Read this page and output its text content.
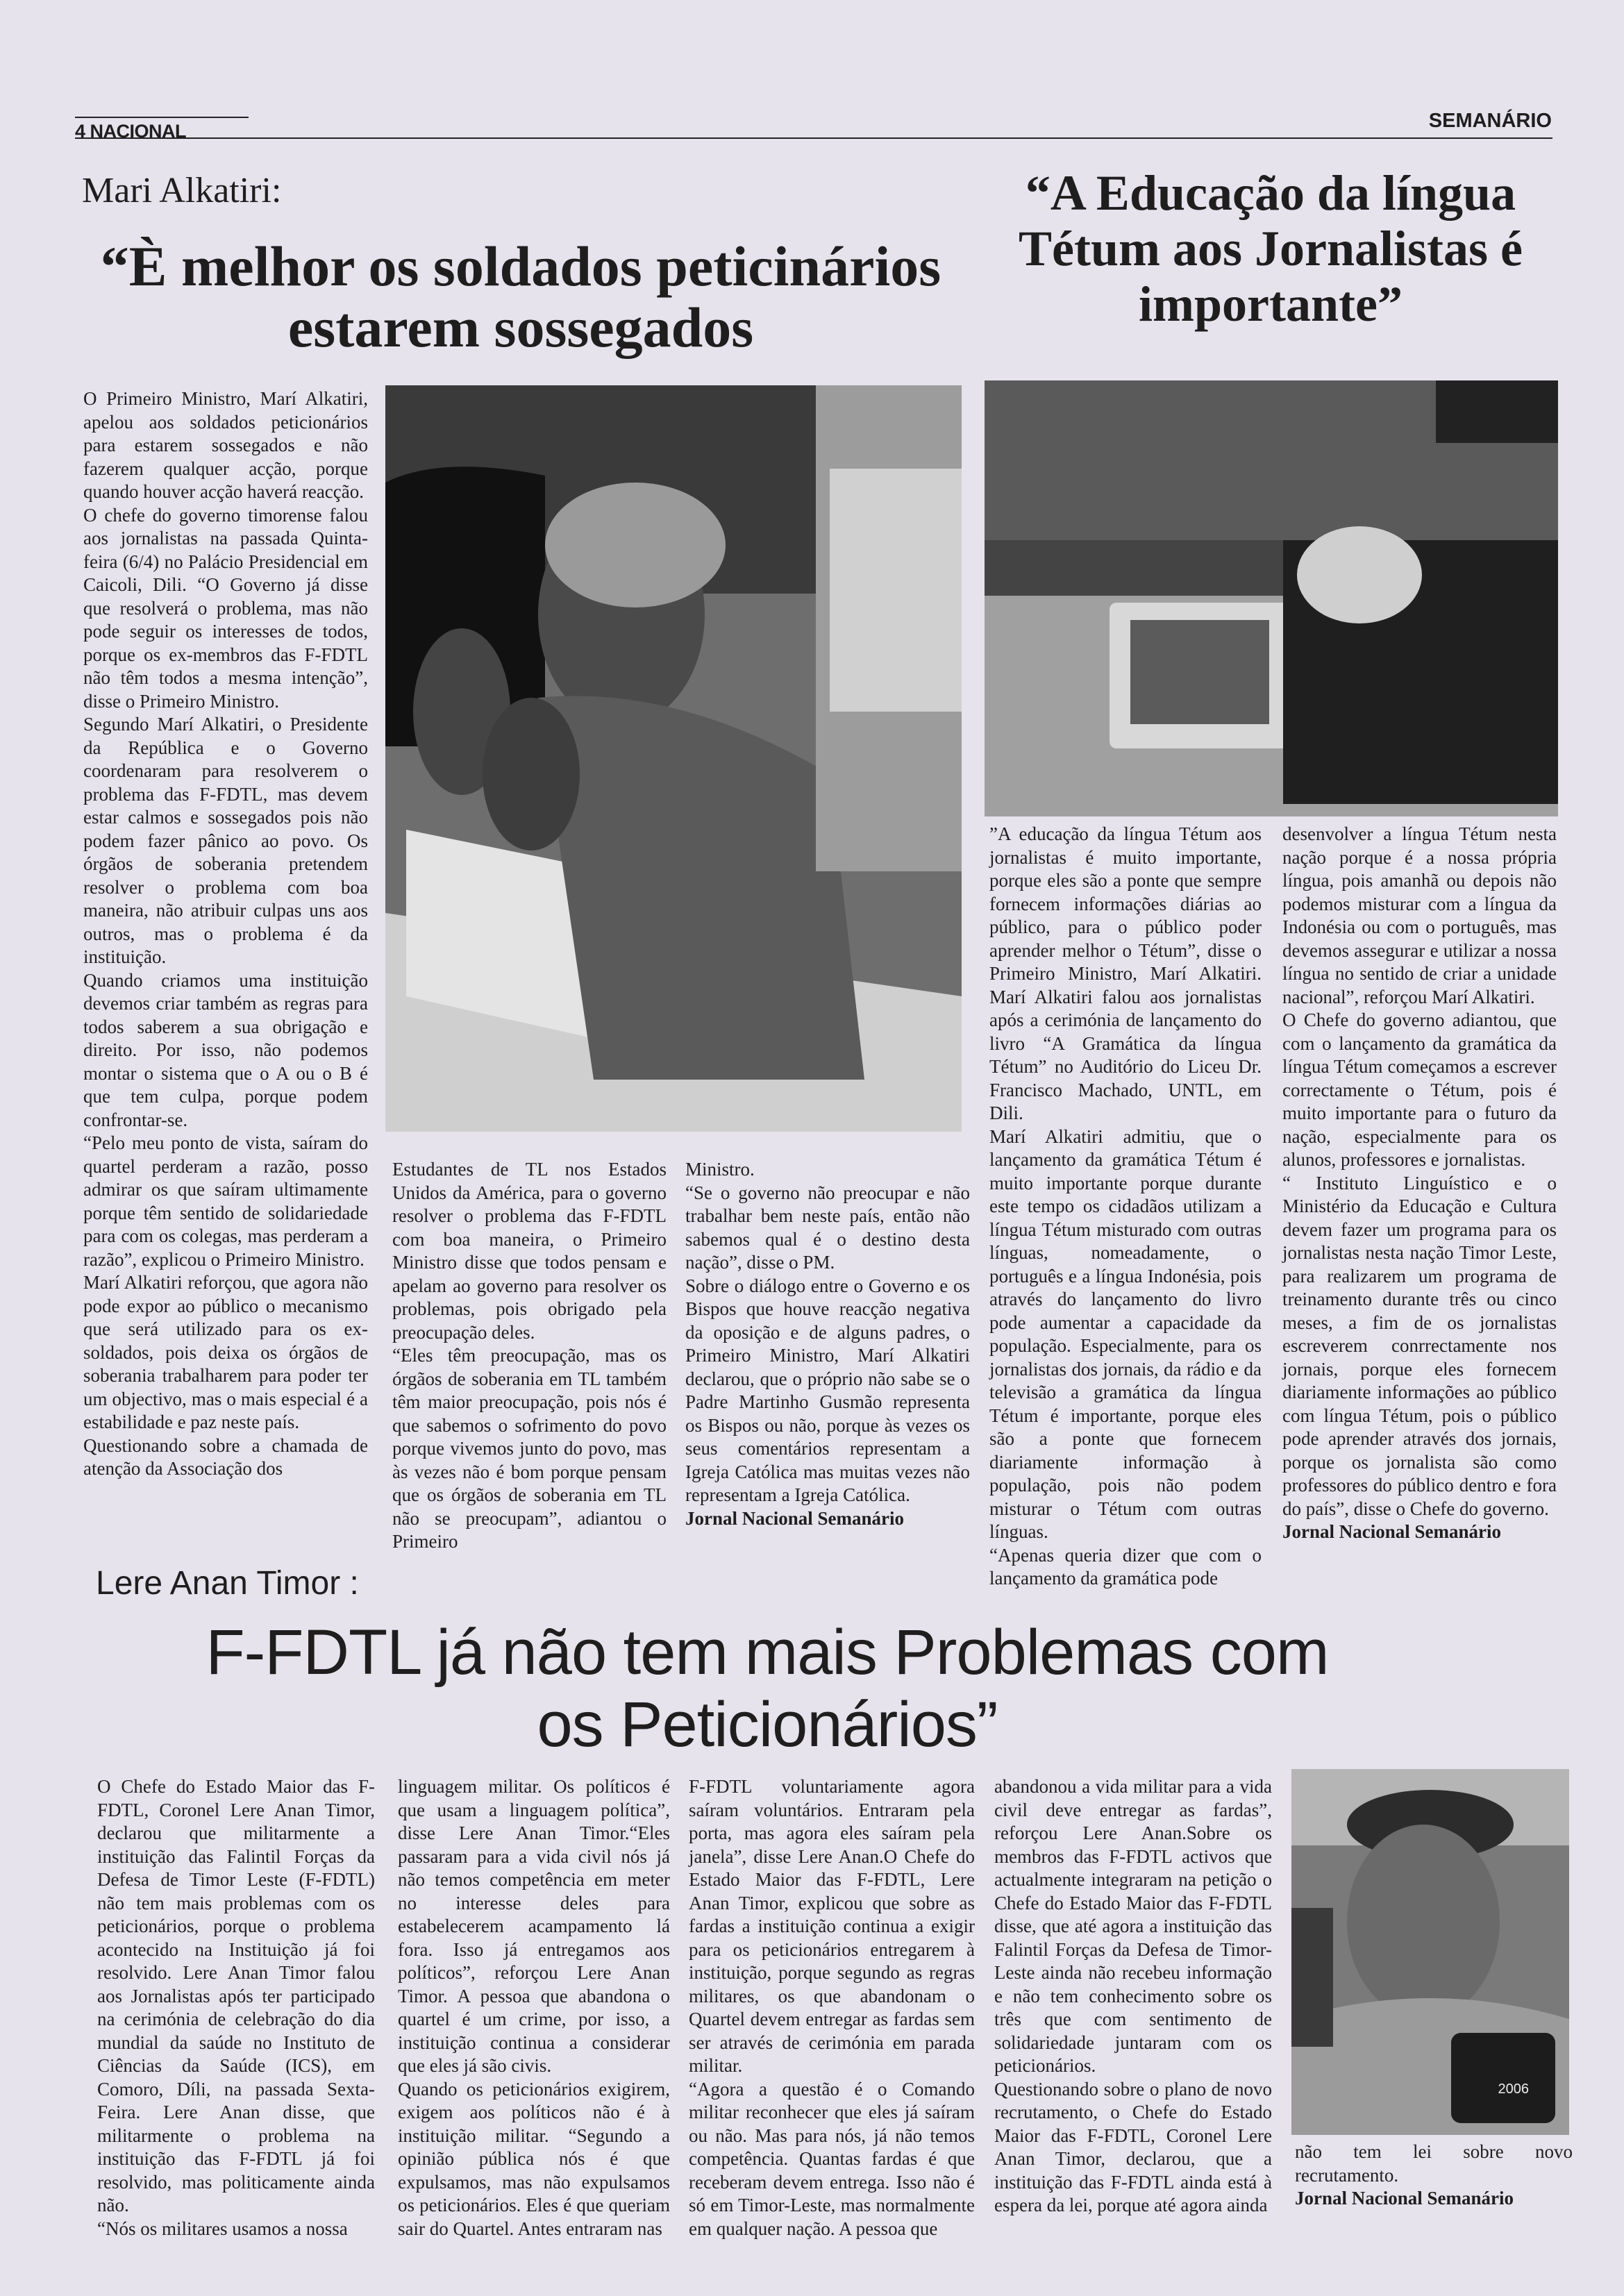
4 NACIONAL	SEMANÁRIO
Mari Alkatiri:
“È melhor os soldados peticinários estarem sossegados

O Primeiro Ministro, Marí Alkatiri, apelou aos soldados peticionários para estarem sossegados e não fazerem qualquer acção, porque quando houver acção haverá reacção.

O chefe do governo timorense falou aos jornalistas na passada Quinta-feira (6/4) no Palácio Presidencial em Caicoli, Dili. “O Governo já disse que resolverá o problema, mas não pode seguir os interesses de todos, porque os ex-membros das F-FDTL não têm todos a mesma intenção”, disse o Primeiro Ministro.

Segundo Marí Alkatiri, o Presidente da República e o Governo coordenaram para resolverem o problema das F-FDTL, mas devem estar calmos e sossegados pois não podem fazer pânico ao povo. Os órgãos de soberania pretendem resolver o problema com boa maneira, não atribuir culpas uns aos outros, mas o problema é da instituição.

Quando criamos uma instituição devemos criar também as regras para todos saberem a sua obrigação e direito. Por isso, não podemos montar o sistema que o A ou o B é que tem culpa, porque podem confrontar-se.

“Pelo meu ponto de vista, saíram do quartel perderam a razão, posso admirar os que saíram ultimamente porque têm sentido de solidariedade para com os colegas, mas perderam a razão”, explicou o Primeiro Ministro.

Marí Alkatiri reforçou, que agora não pode expor ao público o mecanismo que será utilizado para os ex-soldados, pois deixa os órgãos de soberania trabalharem para poder ter um objectivo, mas o mais especial é a estabilidade e paz neste país.

Questionando sobre a chamada de atenção da Associação dos

Estudantes de TL nos Estados Unidos da América, para o governo resolver o problema das F-FDTL com boa maneira, o Primeiro Ministro disse que todos pensam e apelam ao governo para resolver os problemas, pois obrigado pela preocupação deles.

“Eles têm preocupação, mas os órgãos de soberania em TL também têm maior preocupação, pois nós é que sabemos o sofrimento do povo porque vivemos junto do povo, mas às vezes não é bom porque pensam que os órgãos de soberania em TL não se preocupam”, adiantou o Primeiro

Ministro.

“Se o governo não preocupar e não trabalhar bem neste país, então não sabemos qual é o destino desta nação”, disse o PM.

Sobre o diálogo entre o Governo e os Bispos que houve reacção negativa da oposição e de alguns padres, o Primeiro Ministro, Marí Alkatiri declarou, que o próprio não sabe se o Padre Martinho Gusmão representa os Bispos ou não, porque às vezes os seus comentários representam a Igreja Católica mas muitas vezes não representam a Igreja Católica.

Jornal Nacional Semanário

“A Educação da língua Tétum aos Jornalistas é importante”

”A educação da língua Tétum aos jornalistas é muito importante, porque eles são a ponte que sempre fornecem informações diárias ao público, para o público poder aprender melhor o Tétum”, disse o Primeiro Ministro, Marí Alkatiri. Marí Alkatiri falou aos jornalistas após a cerimónia de lançamento do livro “A Gramática da língua Tétum” no Auditório do Liceu Dr. Francisco Machado, UNTL, em Dili.

Marí Alkatiri admitiu, que o lançamento da gramática Tétum é muito importante porque durante este tempo os cidadãos utilizam a língua Tétum misturado com outras línguas, nomeadamente, o português e a língua Indonésia, pois através do lançamento do livro pode aumentar a capacidade da população. Especialmente, para os jornalistas dos jornais, da rádio e da televisão a gramática da língua Tétum é importante, porque eles são a ponte que fornecem diariamente informação à população, pois não podem misturar o Tétum com outras línguas.

“Apenas queria dizer que com o lançamento da gramática pode

desenvolver a língua Tétum nesta nação porque é a nossa própria língua, pois amanhã ou depois não podemos misturar com a língua da Indonésia ou com o português, mas devemos assegurar e utilizar a nossa língua no sentido de criar a unidade nacional”, reforçou Marí Alkatiri.

O Chefe do governo adiantou, que com o lançamento da gramática da língua Tétum começamos a escrever correctamente o Tétum, pois é muito importante para o futuro da nação, especialmente para os alunos, professores e jornalistas.

“ Instituto Linguístico e o Ministério da Educação e Cultura devem fazer um programa para os jornalistas nesta nação Timor Leste, para realizarem um programa de treinamento durante três ou cinco meses, a fim de os jornalistas escreverem conrrectamente nos jornais, porque eles fornecem diariamente informações ao público com língua Tétum, pois o público pode aprender através dos jornais, porque os jornalista são como professores do público dentro e fora do país”, disse o Chefe do governo.

Jornal Nacional Semanário

Lere Anan Timor :
F-FDTL já não tem mais Problemas com os Peticionários”

O Chefe do Estado Maior das F-FDTL, Coronel Lere Anan Timor, declarou que militarmente a instituição das Falintil Forças da Defesa de Timor Leste (F-FDTL) não tem mais problemas com os peticionários, porque o problema acontecido na Instituição já foi resolvido. Lere Anan Timor falou aos Jornalistas após ter participado na cerimónia de celebração do dia mundial da saúde no Instituto de Ciências da Saúde (ICS), em Comoro, Díli, na passada Sexta-Feira. Lere Anan disse, que militarmente o problema na instituição das F-FDTL já foi resolvido, mas politicamente ainda não.

“Nós os militares usamos a nossa

linguagem militar. Os políticos é que usam a linguagem política”, disse Lere Anan Timor.“Eles passaram para a vida civil nós já não temos competência em meter no interesse deles para estabelecerem acampamento lá fora. Isso já entregamos aos políticos”, reforçou Lere Anan Timor. A pessoa que abandona o quartel é um crime, por isso, a instituição continua a considerar que eles já são civis.

Quando os peticionários exigirem, exigem aos políticos não é à instituição militar. “Segundo a opinião pública nós é que expulsamos, mas não expulsamos os peticionários. Eles é que queriam sair do Quartel. Antes entraram nas

F-FDTL voluntariamente agora saíram voluntários. Entraram pela porta, mas agora eles saíram pela janela”, disse Lere Anan.O Chefe do Estado Maior das F-FDTL, Lere Anan Timor, explicou que sobre as fardas a instituição continua a exigir para os peticionários entregarem à instituição, porque segundo as regras militares, os que abandonam o Quartel devem entregar as fardas sem ser através de cerimónia em parada militar.

“Agora a questão é o Comando militar reconhecer que eles já saíram ou não. Mas para nós, já não temos competência. Quantas fardas é que receberam devem entrega. Isso não é só em Timor-Leste, mas normalmente em qualquer nação. A pessoa que

abandonou a vida militar para a vida civil deve entregar as fardas”, reforçou Lere Anan.Sobre os membros das F-FDTL activos que actualmente integraram na petição o Chefe do Estado Maior das F-FDTL disse, que até agora a instituição das Falintil Forças da Defesa de Timor-Leste ainda não recebeu informação e não tem conhecimento sobre os três que com sentimento de solidariedade juntaram com os peticionários.

Questionando sobre o plano de novo recrutamento, o Chefe do Estado Maior das F-FDTL, Coronel Lere Anan Timor, declarou, que a instituição das F-FDTL ainda está à espera da lei, porque até agora ainda

2006

não tem lei sobre novo recrutamento.

Jornal Nacional Semanário
